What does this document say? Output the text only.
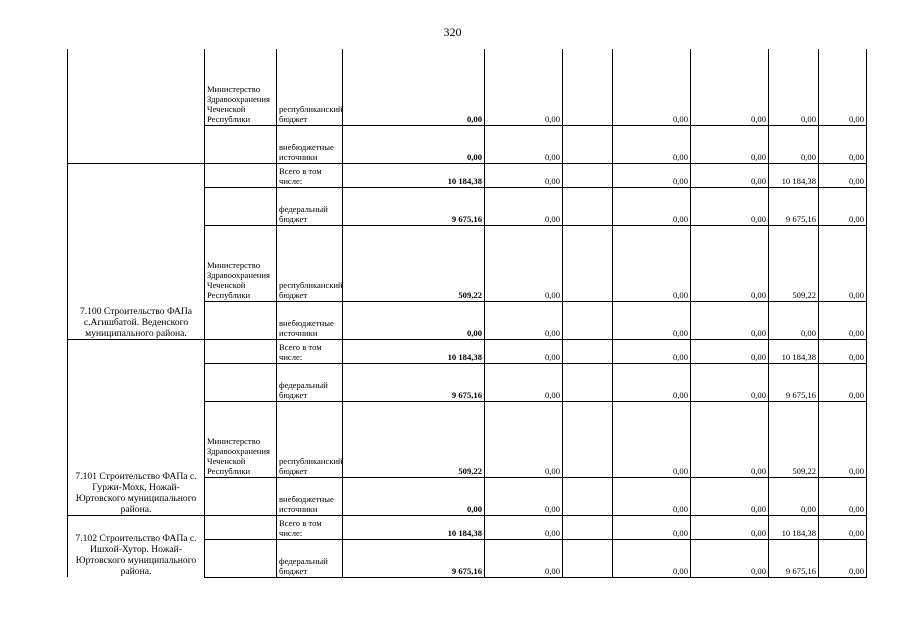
320
	Министерство Здравоохранения Чеченской Республики	республиканский бюджет	0,00	0,00		0,00	0,00	0,00	0,00
		внебюджетные источники	0,00	0,00		0,00	0,00	0,00	0,00
7.100 Строительство ФАПа с.Агишбатой. Веденского муниципального района.		Всего в том числе:	10 184,38	0,00		0,00	0,00	10 184,38	0,00
		федеральный бюджет	9 675,16	0,00		0,00	0,00	9 675,16	0,00
	Министерство Здравоохранения Чеченской Республики	республиканский бюджет	509,22	0,00		0,00	0,00	509,22	0,00
		внебюджетные источники	0,00	0,00		0,00	0,00	0,00	0,00
7.101 Строительство ФАПа с. Гуржи-Мохк, Ножай-Юртовского муниципального района.		Всего в том числе:	10 184,38	0,00		0,00	0,00	10 184,38	0,00
		федеральный бюджет	9 675,16	0,00		0,00	0,00	9 675,16	0,00
	Министерство Здравоохранения Чеченской Республики	республиканский бюджет	509,22	0,00		0,00	0,00	509,22	0,00
		внебюджетные источники	0,00	0,00		0,00	0,00	0,00	0,00
7.102 Строительство ФАПа с. Ишхой-Хутор. Ножай-Юртовского муниципального района.		Всего в том числе:	10 184,38	0,00		0,00	0,00	10 184,38	0,00
		федеральный бюджет	9 675,16	0,00		0,00	0,00	9 675,16	0,00
